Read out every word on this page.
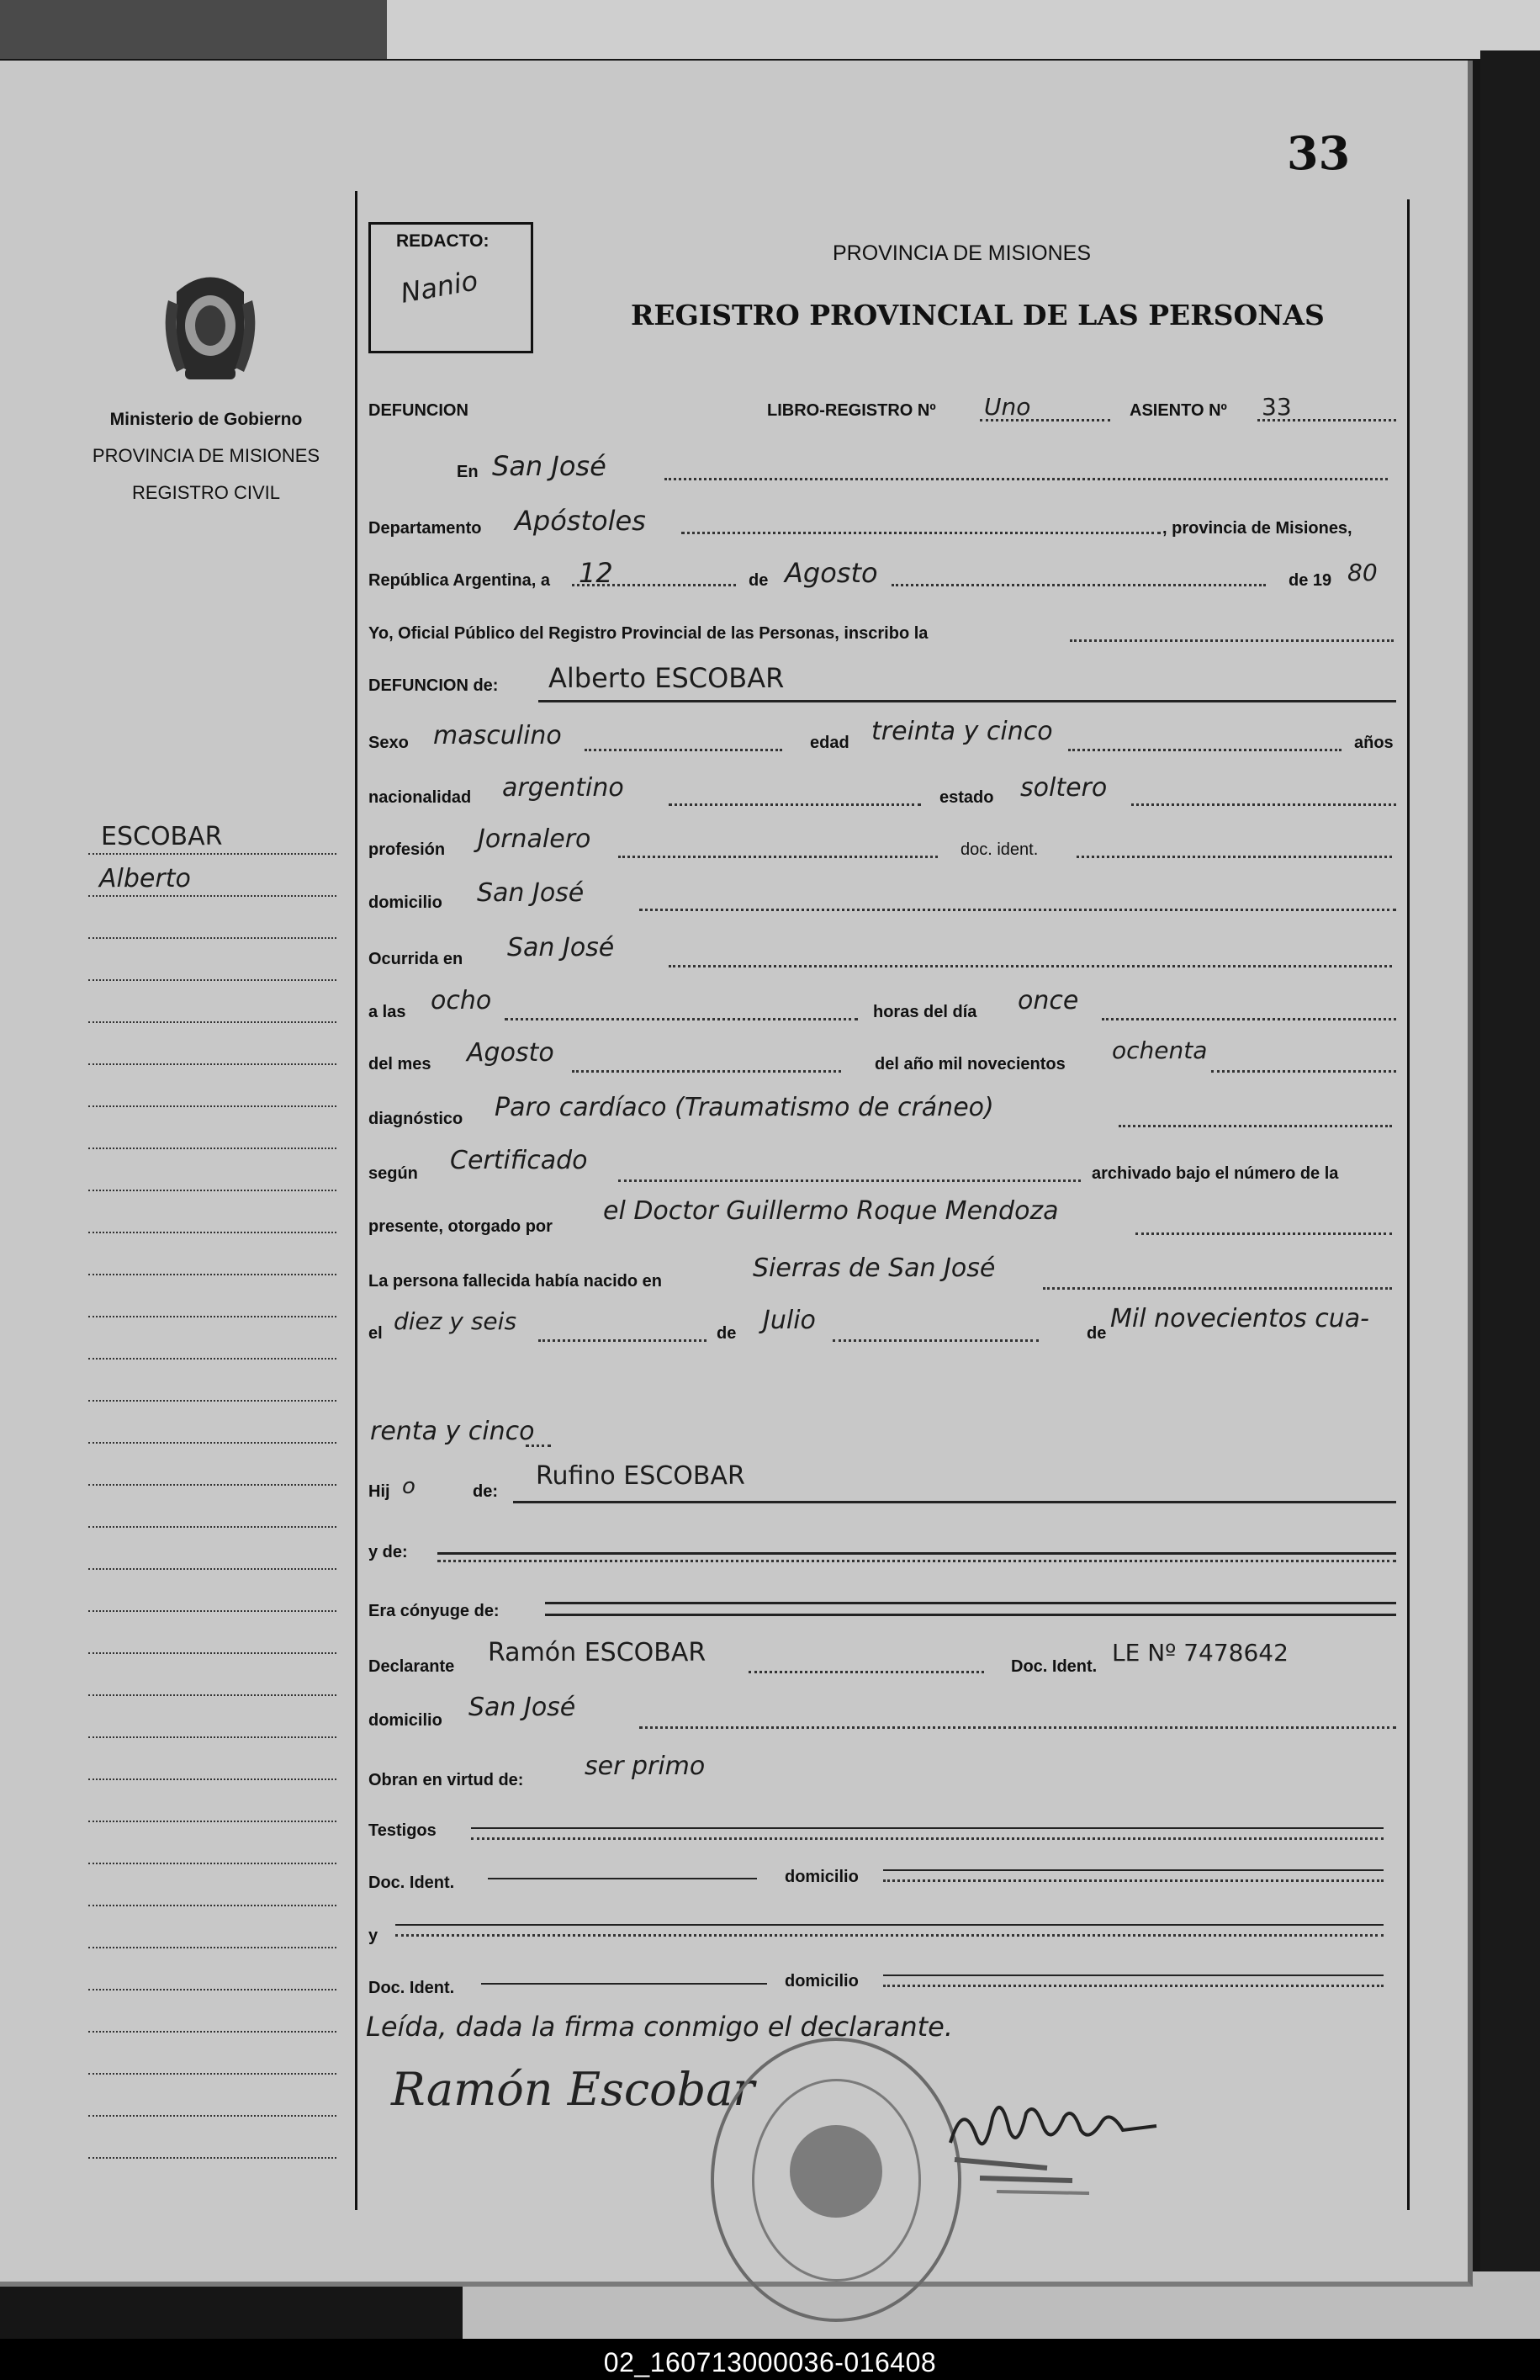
33
REDACTO:
Nanio
PROVINCIA DE MISIONES
REGISTRO PROVINCIAL DE LAS PERSONAS
Ministerio de Gobierno
PROVINCIA DE MISIONES
REGISTRO CIVIL
ESCOBAR
Alberto
DEFUNCION	LIBRO-REGISTRO Nº Uno	ASIENTO Nº 33
En San José
Departamento Apóstoles	, provincia de Misiones,
República Argentina, a 12	de Agosto	de 19 80
Yo, Oficial Público del Registro Provincial de las Personas, inscribo la
DEFUNCION de: Alberto ESCOBAR
Sexo masculino	edad treinta y cinco	años
nacionalidad argentino	estado soltero
profesión Jornalero	doc. ident.
domicilio San José
Ocurrida en San José
a las ocho	horas del día once
del mes Agosto	del año mil novecientos ochenta
diagnóstico Paro cardíaco (Traumatismo de cráneo)
según Certificado	archivado bajo el número de la
presente, otorgado por
el Doctor Guillermo Roque Mendoza
La persona fallecida había nacido en	Sierras de San José
el diez y seis	de Julio	de Mil novecientos cua-
renta y cinco
Hij o	de:
Rufino ESCOBAR
y de:
Era cónyuge de:
Declarante Ramón ESCOBAR	Doc. Ident. LE Nº 7478642
domicilio San José
Obran en virtud de: ser primo
Testigos
Doc. Ident.	domicilio
y
Doc. Ident.	domicilio
Leída, dada la firma conmigo el declarante.
Ramón Escobar
02_160713000036-016408
